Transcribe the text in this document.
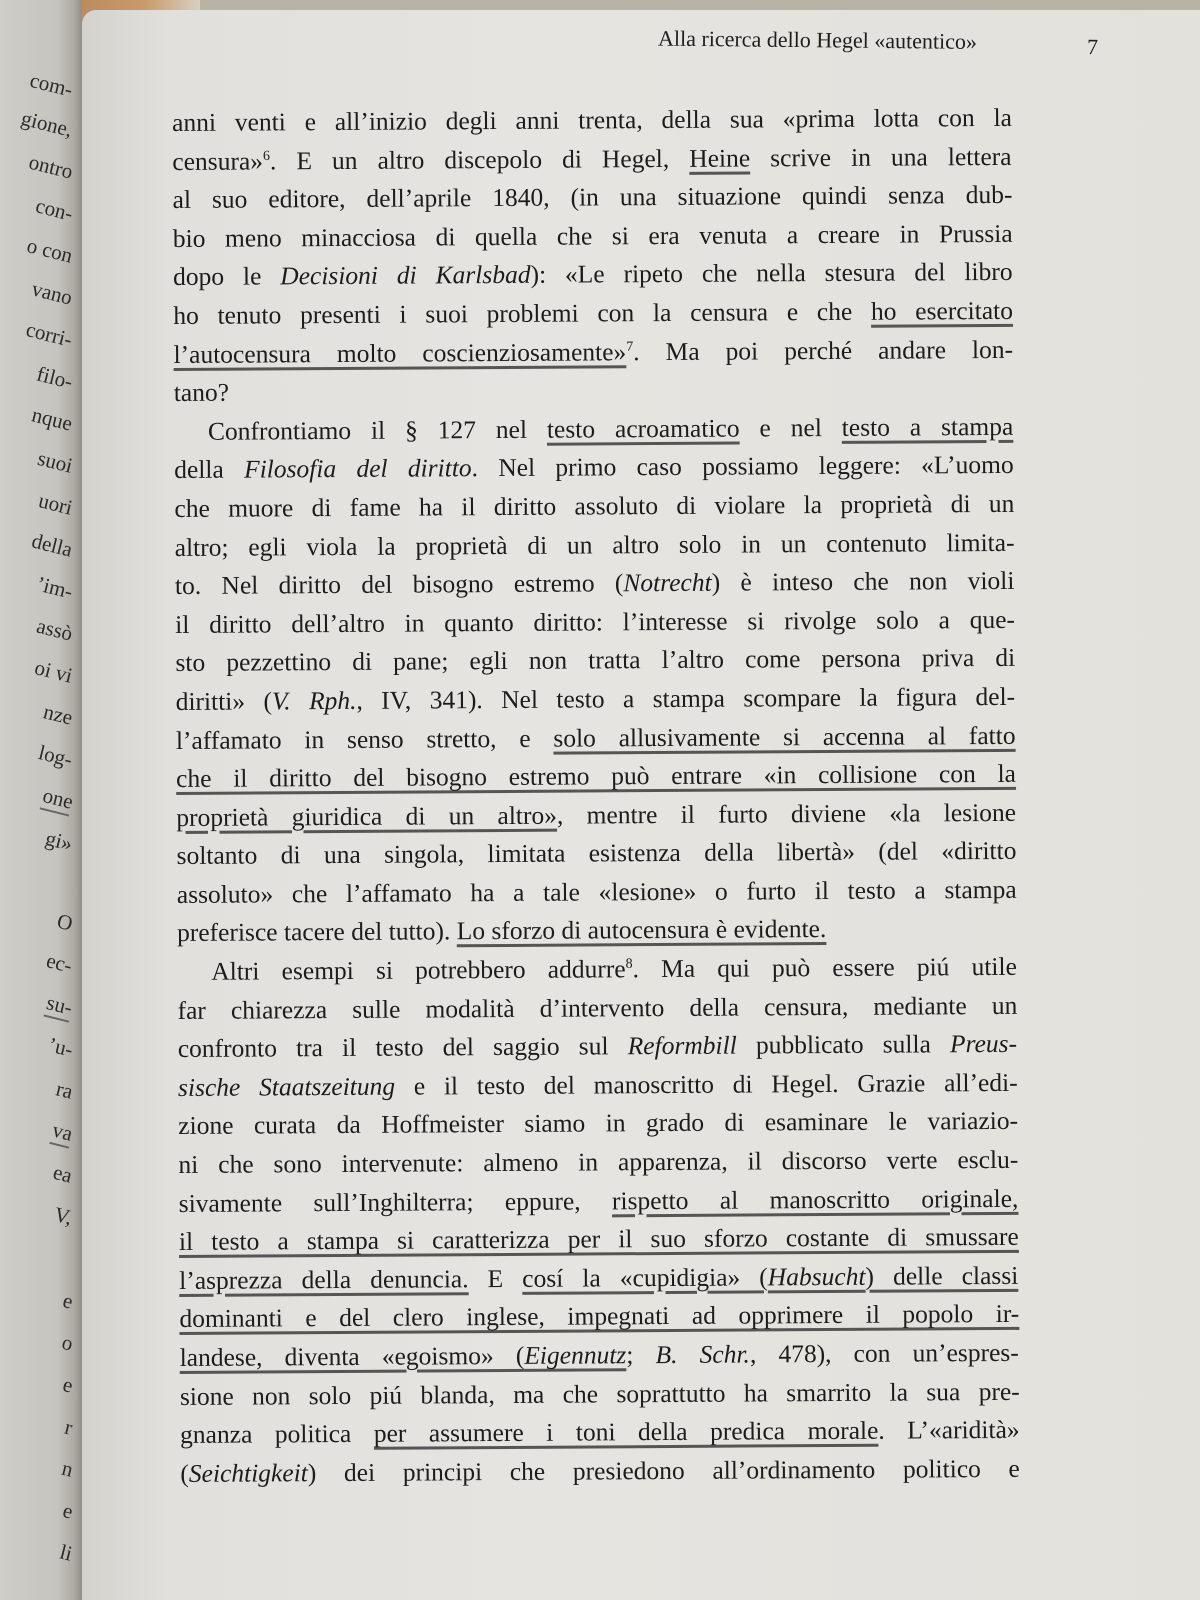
com-
gione,
ontro
con-
o con
vano
corri-
filo-
nque
suoi
uori
della
’im-
assò
oi vi
nze
log-
one
gi»
O
ec-
su-
’u-
ra
va
ea
V,
e
o
e
r
n
e
li
Alla ricerca dello Hegel «autentico»	7
anni venti e all’inizio degli anni trenta, della sua «prima lotta con la
censura»$^6$. E un altro discepolo di Hegel, Heine scrive in una lettera
al suo editore, dell’aprile 1840, (in una situazione quindi senza dub-
bio meno minacciosa di quella che si era venuta a creare in Prussia
dopo le Decisioni di Karlsbad): «Le ripeto che nella stesura del libro
ho tenuto presenti i suoi problemi con la censura e che ho esercitato
l’autocensura molto coscienziosamente»$^7$. Ma poi perché andare lon-
tano?
Confrontiamo il § 127 nel testo acroamatico e nel testo a stampa
della Filosofia del diritto. Nel primo caso possiamo leggere: «L’uomo
che muore di fame ha il diritto assoluto di violare la proprietà di un
altro; egli viola la proprietà di un altro solo in un contenuto limita-
to. Nel diritto del bisogno estremo (Notrecht) è inteso che non violi
il diritto dell’altro in quanto diritto: l’interesse si rivolge solo a que-
sto pezzettino di pane; egli non tratta l’altro come persona priva di
diritti» (V. Rph., IV, 341). Nel testo a stampa scompare la figura del-
l’affamato in senso stretto, e solo allusivamente si accenna al fatto
che il diritto del bisogno estremo può entrare «in collisione con la
proprietà giuridica di un altro», mentre il furto diviene «la lesione
soltanto di una singola, limitata esistenza della libertà» (del «diritto
assoluto» che l’affamato ha a tale «lesione» o furto il testo a stampa
preferisce tacere del tutto). Lo sforzo di autocensura è evidente.
Altri esempi si potrebbero addurre$^8$. Ma qui può essere piú utile
far chiarezza sulle modalità d’intervento della censura, mediante un
confronto tra il testo del saggio sul Reformbill pubblicato sulla Preus-
sische Staatszeitung e il testo del manoscritto di Hegel. Grazie all’edi-
zione curata da Hoffmeister siamo in grado di esaminare le variazio-
ni che sono intervenute: almeno in apparenza, il discorso verte esclu-
sivamente sull’Inghilterra; eppure, rispetto al manoscritto originale,
il testo a stampa si caratterizza per il suo sforzo costante di smussare
l’asprezza della denuncia. E cosí la «cupidigia» (Habsucht) delle classi
dominanti e del clero inglese, impegnati ad opprimere il popolo ir-
landese, diventa «egoismo» (Eigennutz; B. Schr., 478), con un’espres-
sione non solo piú blanda, ma che soprattutto ha smarrito la sua pre-
gnanza politica per assumere i toni della predica morale. L’«aridità»
(Seichtigkeit) dei principi che presiedono all’ordinamento politico e
